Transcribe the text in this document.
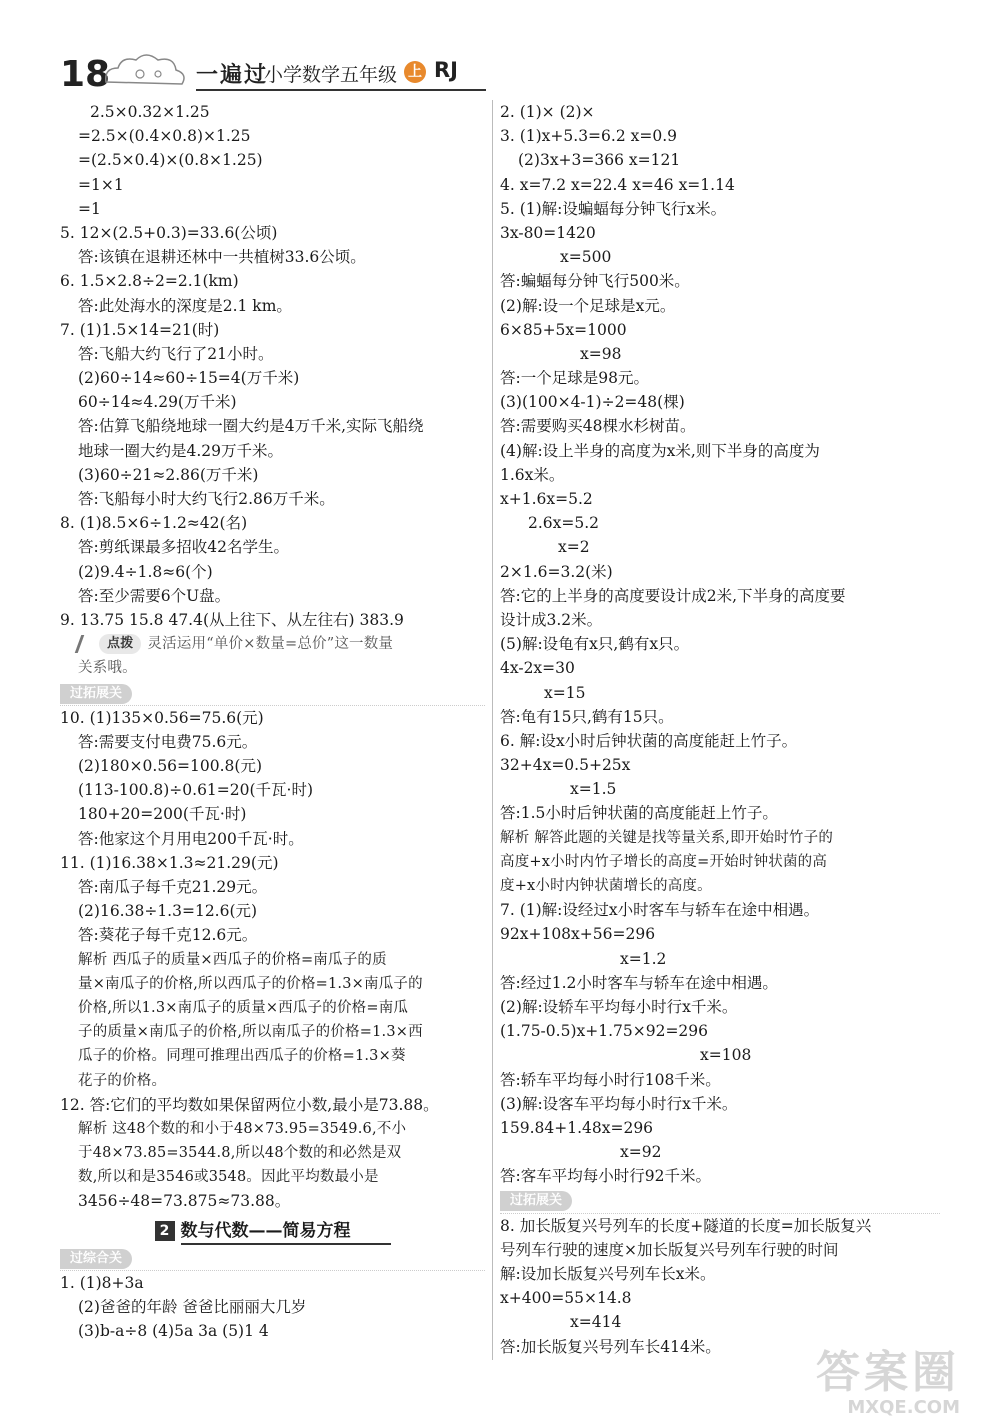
18	一遍过
小学数学五年级 上 RJ
2.5×0.32×1.25
=2.5×(0.4×0.8)×1.25
=(2.5×0.4)×(0.8×1.25)
=1×1
=1
5. 12×(2.5+0.3)=33.6(公顷)
答:该镇在退耕还林中一共植树33.6公顷。
6. 1.5×2.8÷2=2.1(km)
答:此处海水的深度是2.1 km。
7. (1)1.5×14=21(时)
答:飞船大约飞行了21小时。
(2)60÷14≈60÷15=4(万千米)
60÷14≈4.29(万千米)
答:估算飞船绕地球一圈大约是4万千米,实际飞船绕
地球一圈大约是4.29万千米。
(3)60÷21≈2.86(万千米)
答:飞船每小时大约飞行2.86万千米。
8. (1)8.5×6÷1.2≈42(名)
答:剪纸课最多招收42名学生。
(2)9.4÷1.8≈6(个)
答:至少需要6个U盘。
9. 13.75 15.8 47.4(从上往下、从左往右) 383.9
点拨 灵活运用“单价×数量=总价”这一数量
关系哦。
过拓展关
10. (1)135×0.56=75.6(元)
答:需要支付电费75.6元。
(2)180×0.56=100.8(元)
(113-100.8)÷0.61=20(千瓦·时)
180+20=200(千瓦·时)
答:他家这个月用电200千瓦·时。
11. (1)16.38×1.3≈21.29(元)
答:南瓜子每千克21.29元。
(2)16.38÷1.3=12.6(元)
答:葵花子每千克12.6元。
解析 西瓜子的质量×西瓜子的价格=南瓜子的质
量×南瓜子的价格,所以西瓜子的价格=1.3×南瓜子的
价格,所以1.3×南瓜子的质量×西瓜子的价格=南瓜
子的质量×南瓜子的价格,所以南瓜子的价格=1.3×西
瓜子的价格。同理可推理出西瓜子的价格=1.3×葵
花子的价格。
12. 答:它们的平均数如果保留两位小数,最小是73.88。
解析 这48个数的和小于48×73.95=3549.6,不小
于48×73.85=3544.8,所以48个数的和必然是双
数,所以和是3546或3548。因此平均数最小是
3456÷48=73.875≈73.88。
2 数与代数——简易方程
过综合关
1. (1)8+3a
(2)爸爸的年龄 爸爸比丽丽大几岁
(3)b-a÷8 (4)5a 3a (5)1 4
2. (1)× (2)×
3. (1)x+5.3=6.2 x=0.9
(2)3x+3=366 x=121
4. x=7.2 x=22.4 x=46 x=1.14
5. (1)解:设蝙蝠每分钟飞行x米。
3x-80=1420
x=500
答:蝙蝠每分钟飞行500米。
(2)解:设一个足球是x元。
6×85+5x=1000
x=98
答:一个足球是98元。
(3)(100×4-1)÷2=48(棵)
答:需要购买48棵水杉树苗。
(4)解:设上半身的高度为x米,则下半身的高度为
1.6x米。
x+1.6x=5.2
2.6x=5.2
x=2
2×1.6=3.2(米)
答:它的上半身的高度要设计成2米,下半身的高度要
设计成3.2米。
(5)解:设龟有x只,鹤有x只。
4x-2x=30
x=15
答:龟有15只,鹤有15只。
6. 解:设x小时后钟状菌的高度能赶上竹子。
32+4x=0.5+25x
x=1.5
答:1.5小时后钟状菌的高度能赶上竹子。
解析 解答此题的关键是找等量关系,即开始时竹子的
高度+x小时内竹子增长的高度=开始时钟状菌的高
度+x小时内钟状菌增长的高度。
7. (1)解:设经过x小时客车与轿车在途中相遇。
92x+108x+56=296
x=1.2
答:经过1.2小时客车与轿车在途中相遇。
(2)解:设轿车平均每小时行x千米。
(1.75-0.5)x+1.75×92=296
x=108
答:轿车平均每小时行108千米。
(3)解:设客车平均每小时行x千米。
159.84+1.48x=296
x=92
答:客车平均每小时行92千米。
过拓展关
8. 加长版复兴号列车的长度+隧道的长度=加长版复兴
号列车行驶的速度×加长版复兴号列车行驶的时间
解:设加长版复兴号列车长x米。
x+400=55×14.8
x=414
答:加长版复兴号列车长414米。
答案圈
MXQE.COM
